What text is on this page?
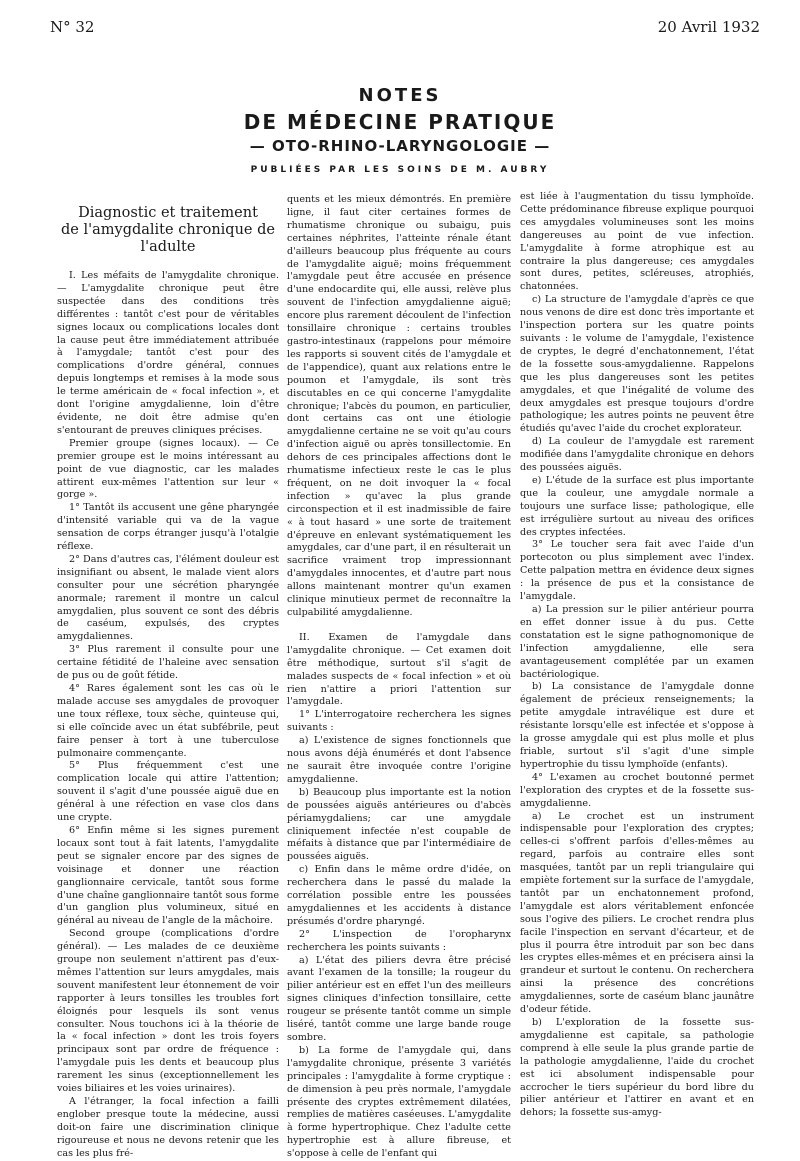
N° 32	20 Avril 1932
NOTES
DE MÉDECINE PRATIQUE
— OTO-RHINO-LARYNGOLOGIE —
PUBLIÉES PAR LES SOINS DE M. AUBRY
Diagnostic et traitement
de l'amygdalite chronique de l'adulte

I. Les méfaits de l'amygdalite chronique. — L'amygdalite chronique peut être suspectée dans des conditions très différentes : tantôt c'est pour de véritables signes locaux ou complications locales dont la cause peut être immédiatement attribuée à l'amygdale; tantôt c'est pour des complications d'ordre général, connues depuis longtemps et remises à la mode sous le terme américain de « focal infection », et dont l'origine amygdalienne, loin d'être évidente, ne doit être admise qu'en s'entourant de preuves cliniques précises.

Premier groupe (signes locaux). — Ce premier groupe est le moins intéressant au point de vue diagnostic, car les malades attirent eux-mêmes l'attention sur leur « gorge ».

1° Tantôt ils accusent une gêne pharyngée d'intensité variable qui va de la vague sensation de corps étranger jusqu'à l'otalgie réflexe.

2° Dans d'autres cas, l'élément douleur est insignifiant ou absent, le malade vient alors consulter pour une sécrétion pharyngée anormale; rarement il montre un calcul amygdalien, plus souvent ce sont des débris de caséum, expulsés, des cryptes amygdaliennes.

3° Plus rarement il consulte pour une certaine fétidité de l'haleine avec sensation de pus ou de goût fétide.

4° Rares également sont les cas où le malade accuse ses amygdales de provoquer une toux réflexe, toux sèche, quinteuse qui, si elle coïncide avec un état subfébrile, peut faire penser à tort à une tuberculose pulmonaire commençante.

5° Plus fréquemment c'est une complication locale qui attire l'attention; souvent il s'agit d'une poussée aiguë due en général à une réfection en vase clos dans une crypte.

6° Enfin même si les signes purement locaux sont tout à fait latents, l'amygdalite peut se signaler encore par des signes de voisinage et donner une réaction ganglionnaire cervicale, tantôt sous forme d'une chaîne ganglionnaire tantôt sous forme d'un ganglion plus volumineux, situé en général au niveau de l'angle de la mâchoire.

Second groupe (complications d'ordre général). — Les malades de ce deuxième groupe non seulement n'attirent pas d'eux-mêmes l'attention sur leurs amygdales, mais souvent manifestent leur étonnement de voir rapporter à leurs tonsilles les troubles fort éloignés pour lesquels ils sont venus consulter. Nous touchons ici à la théorie de la « focal infection » dont les trois foyers principaux sont par ordre de fréquence : l'amygdale puis les dents et beaucoup plus rarement les sinus (exceptionnellement les voies biliaires et les voies urinaires).

A l'étranger, la focal infection a failli englober presque toute la médecine, aussi doit-on faire une discrimination clinique rigoureuse et nous ne devons retenir que les cas les plus fré-

quents et les mieux démontrés. En première ligne, il faut citer certaines formes de rhumatisme chronique ou subaigu, puis certaines néphrites, l'atteinte rénale étant d'ailleurs beaucoup plus fréquente au cours de l'amygdalite aiguë; moins fréquemment l'amygdale peut être accusée en présence d'une endocardite qui, elle aussi, relève plus souvent de l'infection amygdalienne aiguë; encore plus rarement découlent de l'infection tonsillaire chronique : certains troubles gastro-intestinaux (rappelons pour mémoire les rapports si souvent cités de l'amygdale et de l'appendice), quant aux relations entre le poumon et l'amygdale, ils sont très discutables en ce qui concerne l'amygdalite chronique; l'abcès du poumon, en particulier, dont certains cas ont une étiologie amygdalienne certaine ne se voit qu'au cours d'infection aiguë ou après tonsillectomie. En dehors de ces principales affections dont le rhumatisme infectieux reste le cas le plus fréquent, on ne doit invoquer la « focal infection » qu'avec la plus grande circonspection et il est inadmissible de faire « à tout hasard » une sorte de traitement d'épreuve en enlevant systématiquement les amygdales, car d'une part, il en résulterait un sacrifice vraiment trop impressionnant d'amygdales innocentes, et d'autre part nous allons maintenant montrer qu'un examen clinique minutieux permet de reconnaître la culpabilité amygdalienne.

II. Examen de l'amygdale dans l'amygdalite chronique. — Cet examen doit être méthodique, surtout s'il s'agit de malades suspects de « focal infection » et où rien n'attire a priori l'attention sur l'amygdale.

1° L'interrogatoire recherchera les signes suivants :

a) L'existence de signes fonctionnels que nous avons déjà énumérés et dont l'absence ne saurait être invoquée contre l'origine amygdalienne.

b) Beaucoup plus importante est la notion de poussées aiguës antérieures ou d'abcès périamygdaliens; car une amygdale cliniquement infectée n'est coupable de méfaits à distance que par l'intermédiaire de poussées aiguës.

c) Enfin dans le même ordre d'idée, on recherchera dans le passé du malade la corrélation possible entre les poussées amygdaliennes et les accidents à distance présumés d'ordre pharyngé.

2° L'inspection de l'oropharynx recherchera les points suivants :

a) L'état des piliers devra être précisé avant l'examen de la tonsille; la rougeur du pilier antérieur est en effet l'un des meilleurs signes cliniques d'infection tonsillaire, cette rougeur se présente tantôt comme un simple liséré, tantôt comme une large bande rouge sombre.

b) La forme de l'amygdale qui, dans l'amygdalite chronique, présente 3 variétés principales : l'amygdalite à forme cryptique : de dimension à peu près normale, l'amygdale présente des cryptes extrêmement dilatées, remplies de matières caséeuses. L'amygdalite à forme hypertrophique. Chez l'adulte cette hypertrophie est à allure fibreuse, et s'oppose à celle de l'enfant qui

est liée à l'augmentation du tissu lymphoïde. Cette prédominance fibreuse explique pourquoi ces amygdales volumineuses sont les moins dangereuses au point de vue infection. L'amygdalite à forme atrophique est au contraire la plus dangereuse; ces amygdales sont dures, petites, scléreuses, atrophiés, chatonnées.

c) La structure de l'amygdale d'après ce que nous venons de dire est donc très importante et l'inspection portera sur les quatre points suivants : le volume de l'amygdale, l'existence de cryptes, le degré d'enchatonnement, l'état de la fossette sous-amygdalienne. Rappelons que les plus dangereuses sont les petites amygdales, et que l'inégalité de volume des deux amygdales est presque toujours d'ordre pathologique; les autres points ne peuvent être étudiés qu'avec l'aide du crochet explorateur.

d) La couleur de l'amygdale est rarement modifiée dans l'amygdalite chronique en dehors des poussées aiguës.

e) L'étude de la surface est plus importante que la couleur, une amygdale normale a toujours une surface lisse; pathologique, elle est irrégulière surtout au niveau des orifices des cryptes infectées.

3° Le toucher sera fait avec l'aide d'un portecoton ou plus simplement avec l'index. Cette palpation mettra en évidence deux signes : la présence de pus et la consistance de l'amygdale.

a) La pression sur le pilier antérieur pourra en effet donner issue à du pus. Cette constatation est le signe pathognomonique de l'infection amygdalienne, elle sera avantageusement complétée par un examen bactériologique.

b) La consistance de l'amygdale donne également de précieux renseignements; la petite amygdale intravélique est dure et résistante lorsqu'elle est infectée et s'oppose à la grosse amygdale qui est plus molle et plus friable, surtout s'il s'agit d'une simple hypertrophie du tissu lymphoïde (enfants).

4° L'examen au crochet boutonné permet l'exploration des cryptes et de la fossette sus-amygdalienne.

a) Le crochet est un instrument indispensable pour l'exploration des cryptes; celles-ci s'offrent parfois d'elles-mêmes au regard, parfois au contraire elles sont masquées, tantôt par un repli triangulaire qui empiète fortement sur la surface de l'amygdale, tantôt par un enchatonnement profond, l'amygdale est alors véritablement enfoncée sous l'ogive des piliers. Le crochet rendra plus facile l'inspection en servant d'écarteur, et de plus il pourra être introduit par son bec dans les cryptes elles-mêmes et en précisera ainsi la grandeur et surtout le contenu. On recherchera ainsi la présence des concrétions amygdaliennes, sorte de caséum blanc jaunâtre d'odeur fétide.

b) L'exploration de la fossette sus-amygdalienne est capitale, sa pathologie comprend à elle seule la plus grande partie de la pathologie amygdalienne, l'aide du crochet est ici absolument indispensable pour accrocher le tiers supérieur du bord libre du pilier antérieur et l'attirer en avant et en dehors; la fossette sus-amyg-
